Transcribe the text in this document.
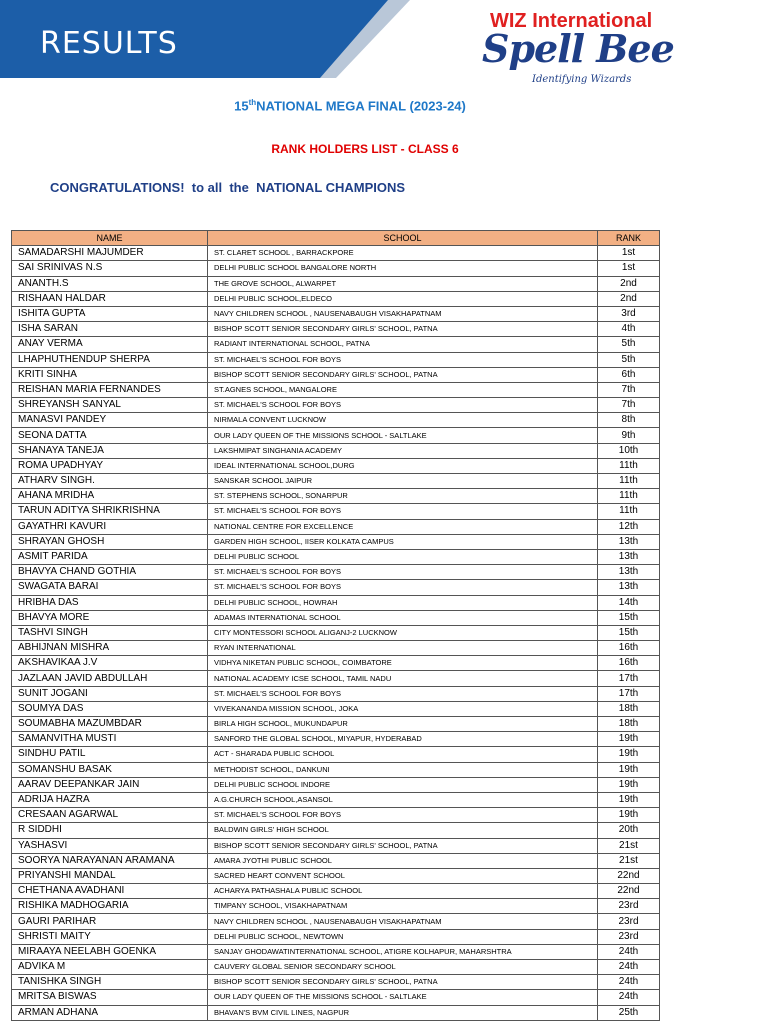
RESULTS
WIZ International
Spell Bee
Identifying Wizards
15thNATIONAL MEGA FINAL (2023-24)
RANK HOLDERS LIST - CLASS 6
CONGRATULATIONS!  to all  the  NATIONAL CHAMPIONS
NAME	SCHOOL	RANK
SAMADARSHI MAJUMDER	ST. CLARET SCHOOL , BARRACKPORE	1st
SAI SRINIVAS N.S	DELHI PUBLIC SCHOOL BANGALORE NORTH	1st
ANANTH.S	THE GROVE SCHOOL, ALWARPET	2nd
RISHAAN HALDAR	DELHI PUBLIC SCHOOL,ELDECO	2nd
ISHITA GUPTA	NAVY CHILDREN SCHOOL , NAUSENABAUGH VISAKHAPATNAM	3rd
ISHA SARAN	BISHOP SCOTT SENIOR SECONDARY GIRLS' SCHOOL, PATNA	4th
ANAY VERMA	RADIANT INTERNATIONAL SCHOOL, PATNA	5th
LHAPHUTHENDUP SHERPA	ST. MICHAEL'S SCHOOL FOR BOYS	5th
KRITI SINHA	BISHOP SCOTT SENIOR SECONDARY GIRLS' SCHOOL, PATNA	6th
REISHAN MARIA FERNANDES	ST.AGNES SCHOOL, MANGALORE	7th
SHREYANSH SANYAL	ST. MICHAEL'S SCHOOL FOR BOYS	7th
MANASVI PANDEY	NIRMALA CONVENT LUCKNOW	8th
SEONA DATTA	OUR LADY QUEEN OF THE MISSIONS SCHOOL - SALTLAKE	9th
SHANAYA TANEJA	LAKSHMIPAT SINGHANIA ACADEMY	10th
ROMA UPADHYAY	IDEAL INTERNATIONAL SCHOOL,DURG	11th
ATHARV SINGH.	SANSKAR SCHOOL JAIPUR	11th
AHANA MRIDHA	ST. STEPHENS SCHOOL, SONARPUR	11th
TARUN ADITYA SHRIKRISHNA	ST. MICHAEL'S SCHOOL FOR BOYS	11th
GAYATHRI KAVURI	NATIONAL CENTRE FOR EXCELLENCE	12th
SHRAYAN GHOSH	GARDEN HIGH SCHOOL, IISER KOLKATA CAMPUS	13th
ASMIT PARIDA	DELHI PUBLIC SCHOOL	13th
BHAVYA CHAND GOTHIA	ST. MICHAEL'S SCHOOL FOR BOYS	13th
SWAGATA BARAI	ST. MICHAEL'S SCHOOL FOR BOYS	13th
HRIBHA DAS	DELHI PUBLIC SCHOOL, HOWRAH	14th
BHAVYA MORE	ADAMAS INTERNATIONAL SCHOOL	15th
TASHVI SINGH	CITY MONTESSORI SCHOOL ALIGANJ-2 LUCKNOW	15th
ABHIJNAN MISHRA	RYAN INTERNATIONAL	16th
AKSHAVIKAA J.V	VIDHYA NIKETAN PUBLIC SCHOOL, COIMBATORE	16th
JAZLAAN JAVID ABDULLAH	NATIONAL ACADEMY ICSE SCHOOL, TAMIL NADU	17th
SUNIT JOGANI	ST. MICHAEL'S SCHOOL FOR BOYS	17th
SOUMYA DAS	VIVEKANANDA MISSION SCHOOL, JOKA	18th
SOUMABHA MAZUMBDAR	BIRLA HIGH SCHOOL, MUKUNDAPUR	18th
SAMANVITHA MUSTI	SANFORD THE GLOBAL SCHOOL, MIYAPUR, HYDERABAD	19th
SINDHU PATIL	ACT - SHARADA PUBLIC SCHOOL	19th
SOMANSHU BASAK	METHODIST SCHOOL, DANKUNI	19th
AARAV DEEPANKAR JAIN	DELHI PUBLIC SCHOOL INDORE	19th
ADRIJA HAZRA	A.G.CHURCH SCHOOL,ASANSOL	19th
CRESAAN AGARWAL	ST. MICHAEL'S SCHOOL FOR BOYS	19th
R SIDDHI	BALDWIN GIRLS' HIGH SCHOOL	20th
YASHASVI	BISHOP SCOTT SENIOR SECONDARY GIRLS' SCHOOL, PATNA	21st
SOORYA NARAYANAN ARAMANA	AMARA JYOTHI PUBLIC SCHOOL	21st
PRIYANSHI MANDAL	SACRED HEART CONVENT SCHOOL	22nd
CHETHANA AVADHANI	ACHARYA PATHASHALA PUBLIC SCHOOL	22nd
RISHIKA MADHOGARIA	TIMPANY SCHOOL, VISAKHAPATNAM	23rd
GAURI PARIHAR	NAVY CHILDREN SCHOOL , NAUSENABAUGH VISAKHAPATNAM	23rd
SHRISTI MAITY	DELHI PUBLIC SCHOOL, NEWTOWN	23rd
MIRAAYA NEELABH GOENKA	SANJAY GHODAWATINTERNATIONAL SCHOOL, ATIGRE KOLHAPUR, MAHARSHTRA	24th
ADVIKA M	CAUVERY GLOBAL SENIOR SECONDARY SCHOOL	24th
TANISHKA SINGH	BISHOP SCOTT SENIOR SECONDARY GIRLS' SCHOOL, PATNA	24th
MRITSA BISWAS	OUR LADY QUEEN OF THE MISSIONS SCHOOL - SALTLAKE	24th
ARMAN ADHANA	BHAVAN'S BVM CIVIL LINES, NAGPUR	25th
